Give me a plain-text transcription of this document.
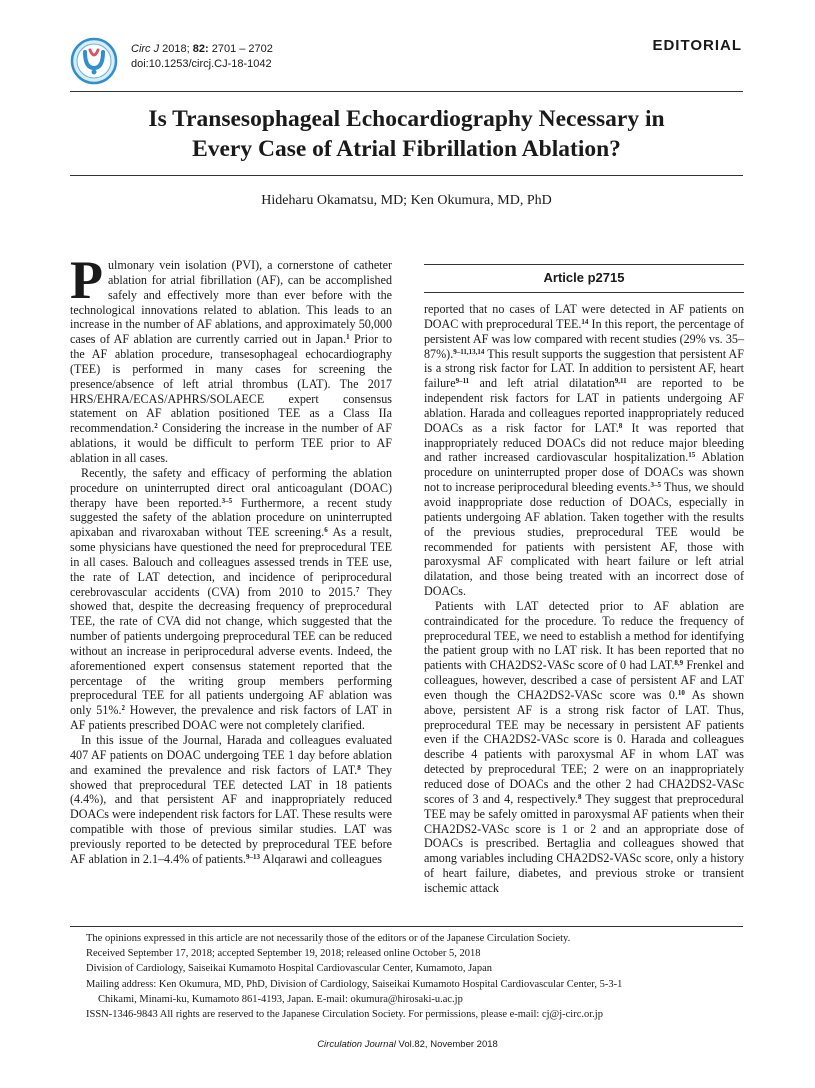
Circ J 2018; 82: 2701 – 2702
doi:10.1253/circj.CJ-18-1042
EDITORIAL
Is Transesophageal Echocardiography Necessary in
Every Case of Atrial Fibrillation Ablation?
Hideharu Okamatsu, MD; Ken Okumura, MD, PhD

Pulmonary vein isolation (PVI), a cornerstone of catheter ablation for atrial fibrillation (AF), can be accomplished safely and effectively more than ever before with the technological innovations related to ablation. This leads to an increase in the number of AF ablations, and approximately 50,000 cases of AF ablation are currently carried out in Japan.$^1$ Prior to the AF ablation procedure, transesophageal echocardiography (TEE) is performed in many cases for screening the presence/absence of left atrial thrombus (LAT). The 2017 HRS/EHRA/ECAS/APHRS/SOLAECE expert consensus statement on AF ablation positioned TEE as a Class IIa recommendation.$^2$ Considering the increase in the number of AF ablations, it would be difficult to perform TEE prior to AF ablation in all cases.

Recently, the safety and efficacy of performing the ablation procedure on uninterrupted direct oral anticoagulant (DOAC) therapy have been reported.$^{3-5}$ Furthermore, a recent study suggested the safety of the ablation procedure on uninterrupted apixaban and rivaroxaban without TEE screening.$^6$ As a result, some physicians have questioned the need for preprocedural TEE in all cases. Balouch and colleagues assessed trends in TEE use, the rate of LAT detection, and incidence of periprocedural cerebrovascular accidents (CVA) from 2010 to 2015.$^7$ They showed that, despite the decreasing frequency of preprocedural TEE, the rate of CVA did not change, which suggested that the number of patients undergoing preprocedural TEE can be reduced without an increase in periprocedural adverse events. Indeed, the aforementioned expert consensus statement reported that the percentage of the writing group members performing preprocedural TEE for all patients undergoing AF ablation was only 51%.$^2$ However, the prevalence and risk factors of LAT in AF patients prescribed DOAC were not completely clarified.

In this issue of the Journal, Harada and colleagues evaluated 407 AF patients on DOAC undergoing TEE 1 day before ablation and examined the prevalence and risk factors of LAT.$^8$ They showed that preprocedural TEE detected LAT in 18 patients (4.4%), and that persistent AF and inappropriately reduced DOACs were independent risk factors for LAT. These results were compatible with those of previous similar studies. LAT was previously reported to be detected by preprocedural TEE before AF ablation in 2.1–4.4% of patients.$^{9-13}$ Alqarawi and colleagues

Article p2715

reported that no cases of LAT were detected in AF patients on DOAC with preprocedural TEE.$^{14}$ In this report, the percentage of persistent AF was low compared with recent studies (29% vs. 35–87%).$^{9-11,13,14}$ This result supports the suggestion that persistent AF is a strong risk factor for LAT. In addition to persistent AF, heart failure$^{9-11}$ and left atrial dilatation$^{9,11}$ are reported to be independent risk factors for LAT in patients undergoing AF ablation. Harada and colleagues reported inappropriately reduced DOACs as a risk factor for LAT.$^8$ It was reported that inappropriately reduced DOACs did not reduce major bleeding and rather increased cardiovascular hospitalization.$^{15}$ Ablation procedure on uninterrupted proper dose of DOACs was shown not to increase periprocedural bleeding events.$^{3-5}$ Thus, we should avoid inappropriate dose reduction of DOACs, especially in patients undergoing AF ablation. Taken together with the results of the previous studies, preprocedural TEE would be recommended for patients with persistent AF, those with paroxysmal AF complicated with heart failure or left atrial dilatation, and those being treated with an incorrect dose of DOACs.

Patients with LAT detected prior to AF ablation are contraindicated for the procedure. To reduce the frequency of preprocedural TEE, we need to establish a method for identifying the patient group with no LAT risk. It has been reported that no patients with CHA2DS2-VASc score of 0 had LAT.$^{8,9}$ Frenkel and colleagues, however, described a case of persistent AF and LAT even though the CHA2DS2-VASc score was 0.10 As shown above, persistent AF is a strong risk factor of LAT. Thus, preprocedural TEE may be necessary in persistent AF patients even if the CHA2DS2-VASc score is 0. Harada and colleagues describe 4 patients with paroxysmal AF in whom LAT was detected by preprocedural TEE; 2 were on an inappropriately reduced dose of DOACs and the other 2 had CHA2DS2-VASc scores of 3 and 4, respectively.$^8$ They suggest that preprocedural TEE may be safely omitted in paroxysmal AF patients when their CHA2DS2-VASc score is 1 or 2 and an appropriate dose of DOACs is prescribed. Bertaglia and colleagues showed that among variables including CHA2DS2-VASc score, only a history of heart failure, diabetes, and previous stroke or transient ischemic attack

The opinions expressed in this article are not necessarily those of the editors or of the Japanese Circulation Society.
Received September 17, 2018; accepted September 19, 2018; released online October 5, 2018
Division of Cardiology, Saiseikai Kumamoto Hospital Cardiovascular Center, Kumamoto, Japan
Mailing address: Ken Okumura, MD, PhD, Division of Cardiology, Saiseikai Kumamoto Hospital Cardiovascular Center, 5-3-1
Chikami, Minami-ku, Kumamoto 861-4193, Japan. E-mail: okumura@hirosaki-u.ac.jp
ISSN-1346-9843 All rights are reserved to the Japanese Circulation Society. For permissions, please e-mail: cj@j-circ.or.jp
Circulation Journal Vol.82, November 2018
